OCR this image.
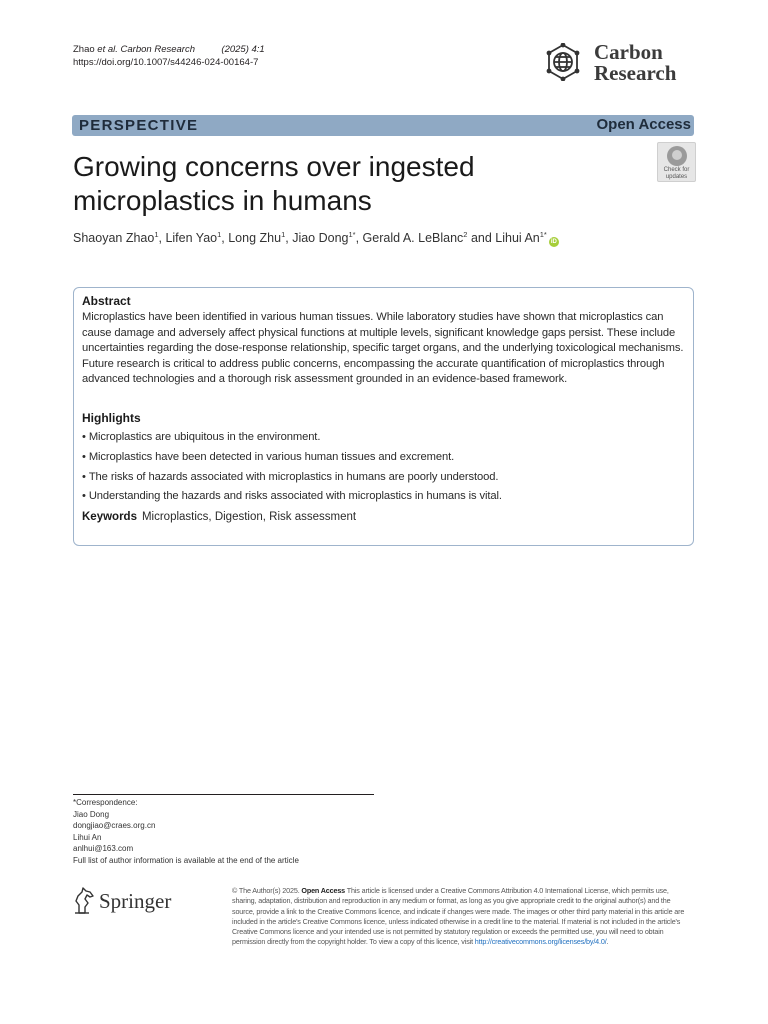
Zhao et al. Carbon Research	(2025) 4:1
https://doi.org/10.1007/s44246-024-00164-7	Carbon
Research
PERSPECTIVE	Open Access
Check for
updates
Growing concerns over ingested microplastics in humans
Shaoyan Zhao$^1$, Lifen Yao$^1$, Long Zhu$^1$, Jiao Dong$^{1*}$, Gerald A. LeBlanc$^2$ and Lihui $An^{1*}iD$
Abstract

Microplastics have been identified in various human tissues. While laboratory studies have shown that microplastics can cause damage and adversely affect physical functions at multiple levels, significant knowledge gaps persist. These include uncertainties regarding the dose-response relationship, specific target organs, and the underlying toxicological mechanisms. Future research is critical to address public concerns, encompassing the accurate quantification of microplastics through advanced technologies and a thorough risk assessment grounded in an evidence-based framework.

Highlights
• Microplastics are ubiquitous in the environment.
• Microplastics have been detected in various human tissues and excrement.
• The risks of hazards associated with microplastics in humans are poorly understood.
• Understanding the hazards and risks associated with microplastics in humans is vital.
Keywords Microplastics, Digestion, Risk assessment
*Correspondence:
Jiao Dong
dongjiao@craes.org.cn
Lihui An
anlhui@163.com
Full list of author information is available at the end of the article
Springer	© The Author(s) 2025. Open Access This article is licensed under a Creative Commons Attribution 4.0 International License, which permits use, sharing, adaptation, distribution and reproduction in any medium or format, as long as you give appropriate credit to the original author(s) and the source, provide a link to the Creative Commons licence, and indicate if changes were made. The images or other third party material in this article are included in the article's Creative Commons licence, unless indicated otherwise in a credit line to the material. If material is not included in the article's Creative Commons licence and your intended use is not permitted by statutory regulation or exceeds the permitted use, you will need to obtain permission directly from the copyright holder. To view a copy of this licence, visit http://creativecommons.org/licenses/by/4.0/.
